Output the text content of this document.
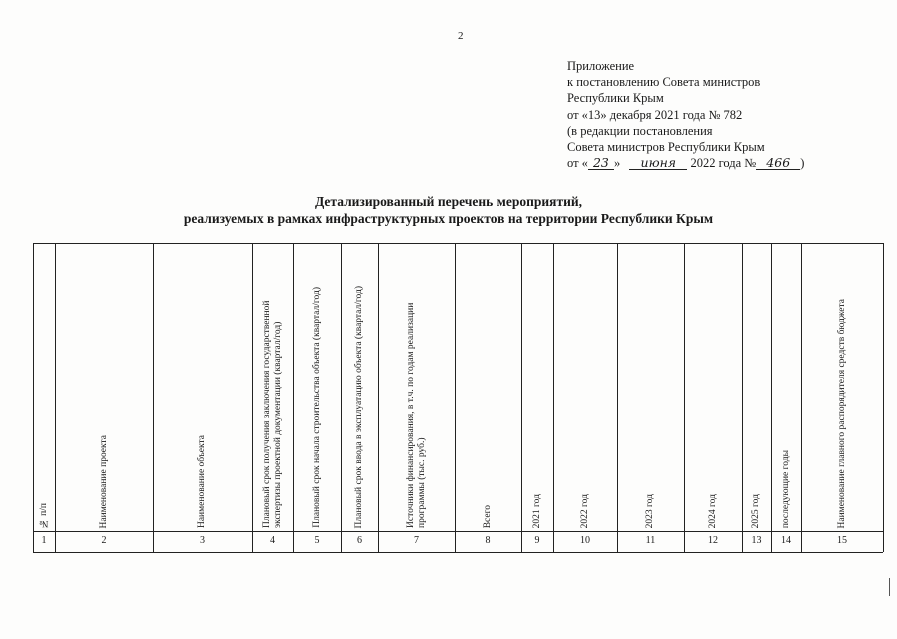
2
Приложение
к постановлению Совета министров
Республики Крым
от «13» декабря 2021 года № 782
(в редакции постановления
Совета министров Республики Крым
от « 23 » июня 2022 года № 466 )
Детализированный перечень мероприятий,
реализуемых в рамках инфраструктурных проектов на территории Республики Крым
№ п/п
1
Наименование проекта
2
Наименование объекта
3
Плановый срок получения заключения государственной экспертизы проектной документации (квартал/год)
4
Плановый срок начала строительства объекта (квартал/год)
5
Плановый срок ввода в эксплуатацию объекта (квартал/год)
6
Источники финансирования, в т.ч. по годам реализации программы (тыс. руб.)
7
Всего
8
2021 год
9
2022 год
10
2023 год
11
2024 год
12
2025 год
13
последующие годы
14
Наименование главного распорядителя средств бюджета
15
